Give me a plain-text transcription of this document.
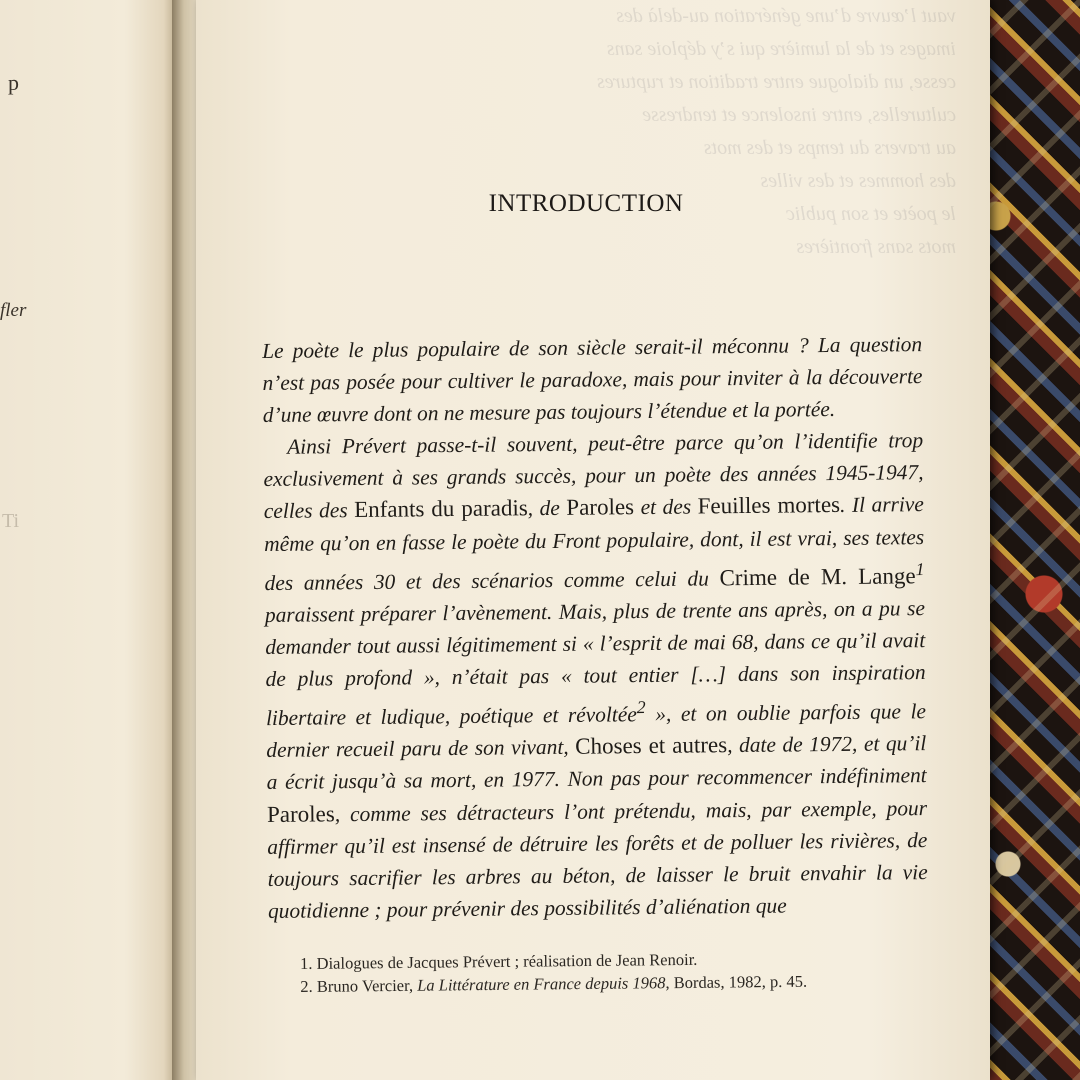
p
fler
Ti
vaut l’œuvre d’une génération au-delà des
images et de la lumière qui s’y déploie sans
cesse, un dialogue entre tradition et ruptures
culturelles, entre insolence et tendresse
au travers du temps et des mots
des hommes et des villes
le poète et son public
mots sans frontières
INTRODUCTION

Le poète le plus populaire de son siècle serait-il méconnu ? La question n’est pas posée pour cultiver le paradoxe, mais pour inviter à la découverte d’une œuvre dont on ne mesure pas toujours l’étendue et la portée.

Ainsi Prévert passe-t-il souvent, peut-être parce qu’on l’identifie trop exclusivement à ses grands succès, pour un poète des années 1945-1947, celles des Enfants du paradis, de Paroles et des Feuilles mortes. Il arrive même qu’on en fasse le poète du Front populaire, dont, il est vrai, ses textes des années 30 et des scénarios comme celui du Crime de M. Lange$^1$ paraissent préparer l’avènement. Mais, plus de trente ans après, on a pu se demander tout aussi légitimement si « l’esprit de mai 68, dans ce qu’il avait de plus profond », n’était pas « tout entier […] dans son inspiration libertaire et ludique, poétique et révoltée$^2$ », et on oublie parfois que le dernier recueil paru de son vivant, Choses et autres, date de 1972, et qu’il a écrit jusqu’à sa mort, en 1977. Non pas pour recommencer indéfiniment Paroles, comme ses détracteurs l’ont prétendu, mais, par exemple, pour affirmer qu’il est insensé de détruire les forêts et de polluer les rivières, de toujours sacrifier les arbres au béton, de laisser le bruit envahir la vie quotidienne ; pour prévenir des possibilités d’aliénation que

1. Dialogues de Jacques Prévert ; réalisation de Jean Renoir.
2. Bruno Vercier, La Littérature en France depuis 1968, Bordas, 1982, p. 45.
